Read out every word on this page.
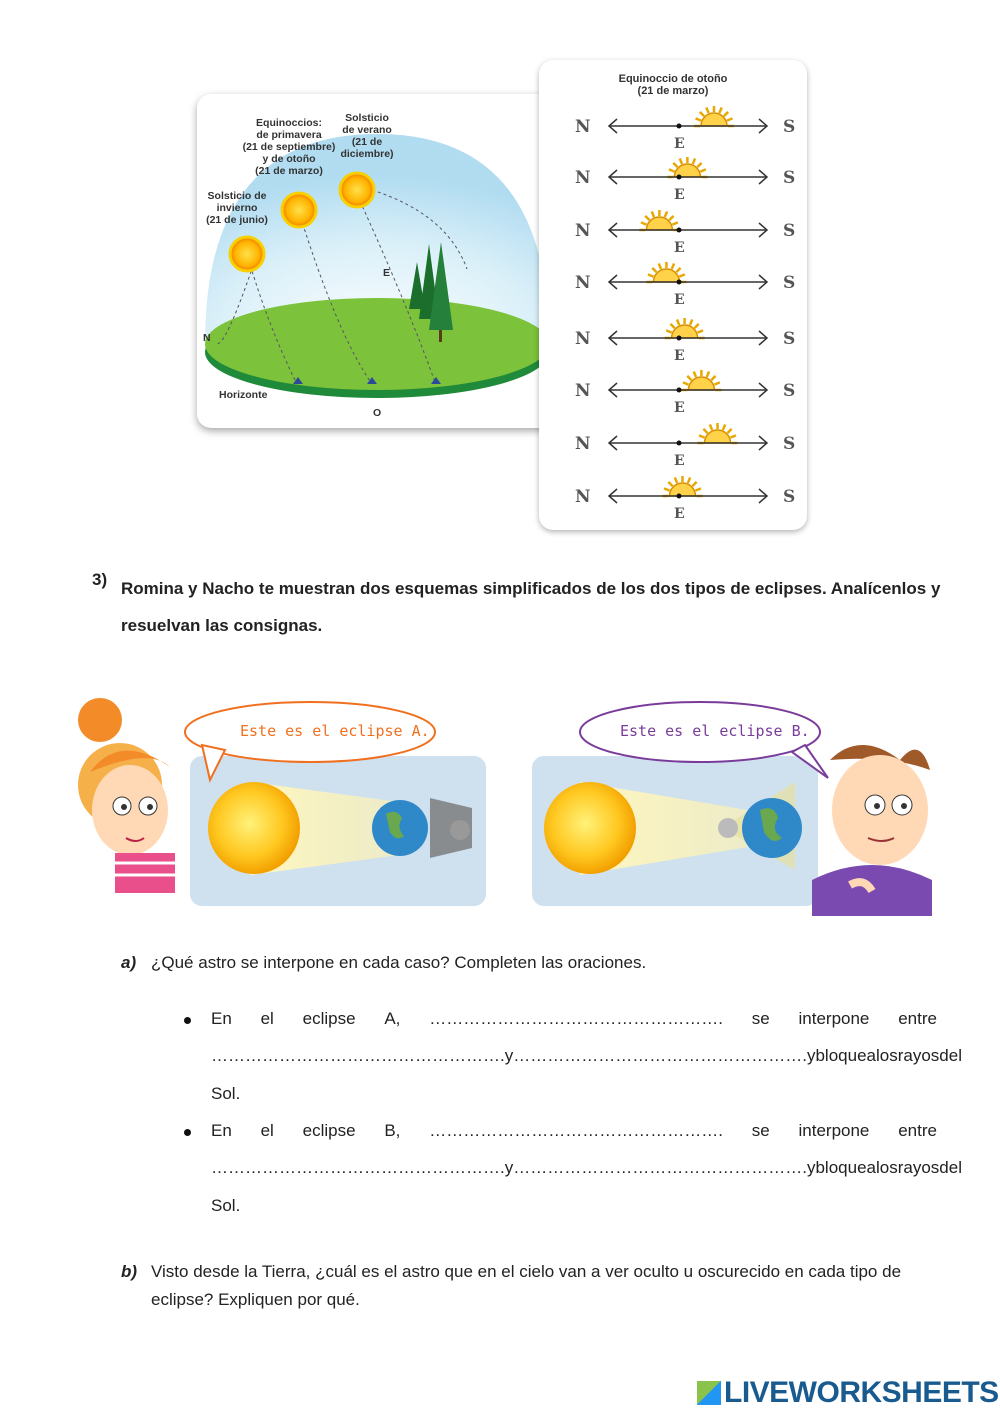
Equinoccios:
de primavera
(21 de septiembre)
y de otoño
(21 de marzo)
Solsticio
de verano
(21 de
diciembre)
Solsticio de
invierno
(21 de junio)
N
E
O
Horizonte
Equinoccio de otoño
(21 de marzo)
N	S
E
N	S
E
N	S
E
N	S
E
N	S
E
N	S
E
N	S
E
N	S
E
3) Romina y Nacho te muestran dos esquemas simplificados de los dos tipos de eclipses. Analícenlos y resuelvan las consignas.
Este es el eclipse A.	Este es el eclipse B.
a) ¿Qué astro se interpone en cada caso? Completen las oraciones.
En el eclipse A, ……………………………………………. se interpone entre
……………………………………………. y ……………………………………………. y bloquea los rayos del
Sol.
En el eclipse B, ……………………………………………. se interpone entre
……………………………………………. y ……………………………………………. y bloquea los rayos del
Sol.
b) Visto desde la Tierra, ¿cuál es el astro que en el cielo van a ver oculto u oscurecido en cada tipo de eclipse? Expliquen por qué.
LIVEWORKSHEETS
